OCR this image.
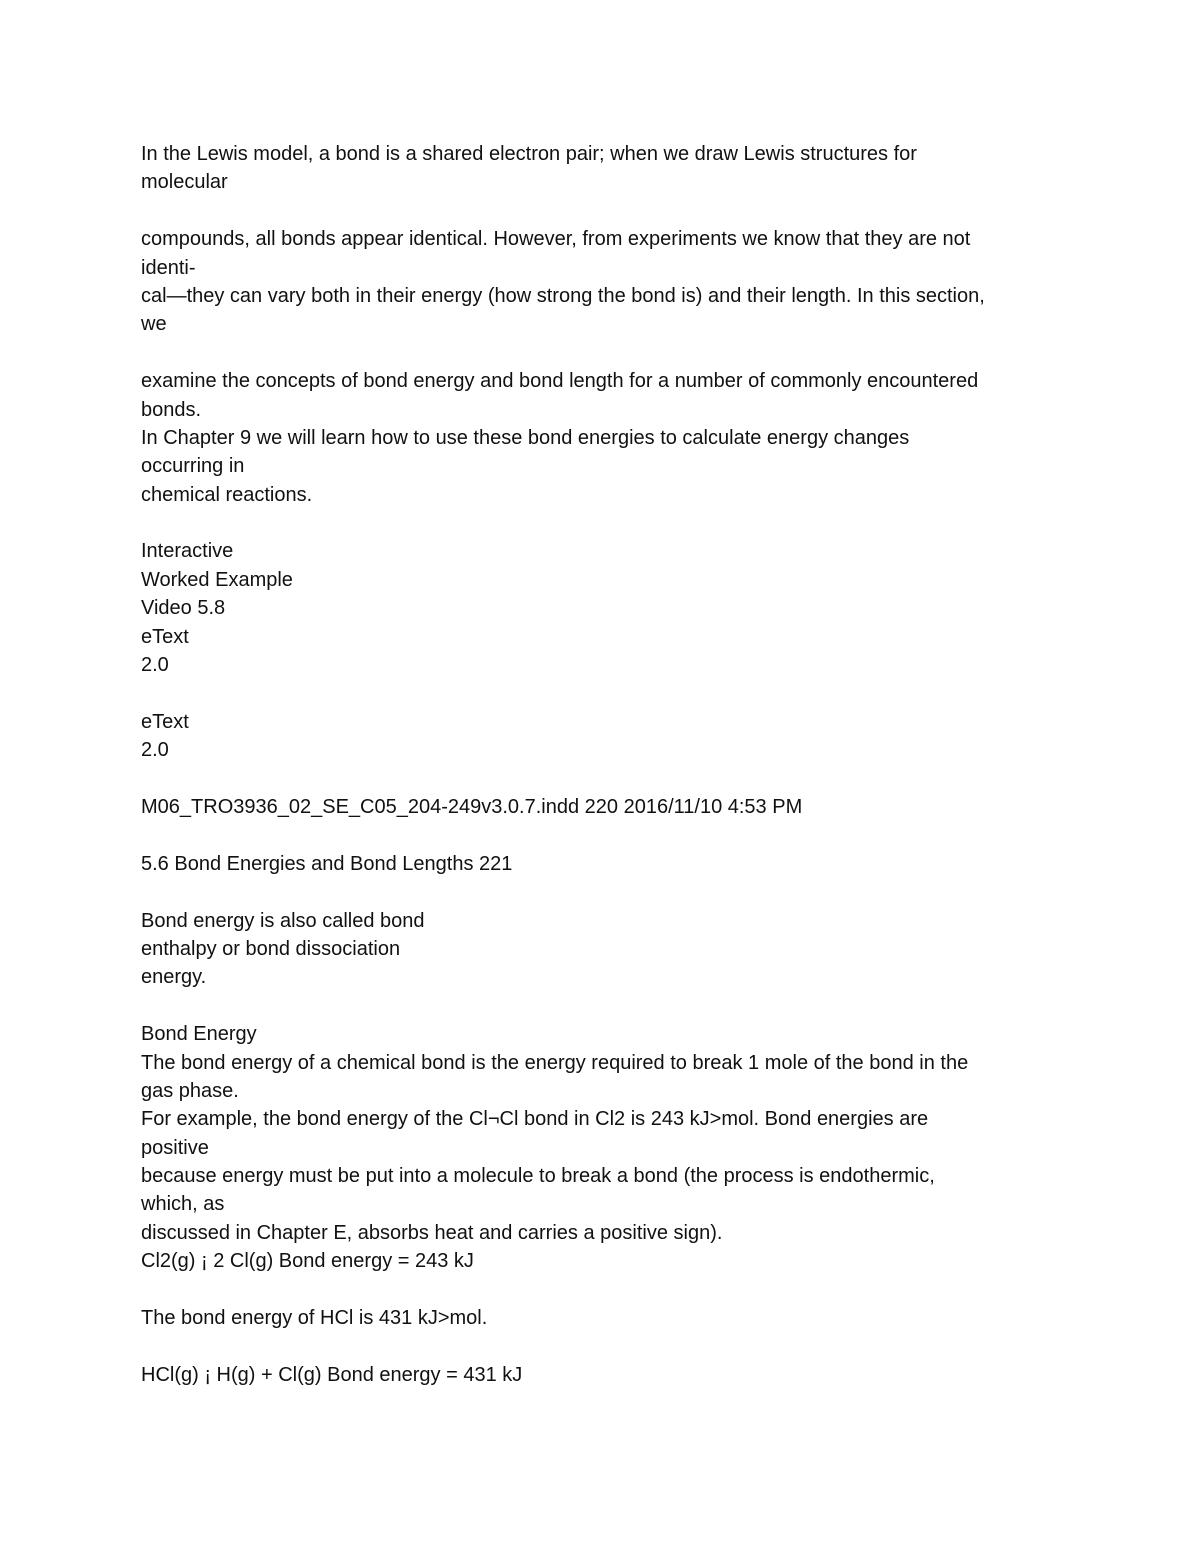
In the Lewis model, a bond is a shared electron pair; when we draw Lewis structures for
molecular
compounds, all bonds appear identical. However, from experiments we know that they are not
identi-
cal—they can vary both in their energy (how strong the bond is) and their length. In this section,
we
examine the concepts of bond energy and bond length for a number of commonly encountered
bonds.
In Chapter 9 we will learn how to use these bond energies to calculate energy changes
occurring in
chemical reactions.
Interactive
Worked Example
Video 5.8
eText
2.0
eText
2.0
M06_TRO3936_02_SE_C05_204-249v3.0.7.indd 220 2016/11/10 4:53 PM
5.6 Bond Energies and Bond Lengths 221
Bond energy is also called bond
enthalpy or bond dissociation
energy.
Bond Energy
The bond energy of a chemical bond is the energy required to break 1 mole of the bond in the
gas phase.
For example, the bond energy of the Cl¬Cl bond in Cl2 is 243 kJ>mol. Bond energies are
positive
because energy must be put into a molecule to break a bond (the process is endothermic,
which, as
discussed in Chapter E, absorbs heat and carries a positive sign).
Cl2(g) ¡ 2 Cl(g) Bond energy = 243 kJ
The bond energy of HCl is 431 kJ>mol.
HCl(g) ¡ H(g) + Cl(g) Bond energy = 431 kJ
